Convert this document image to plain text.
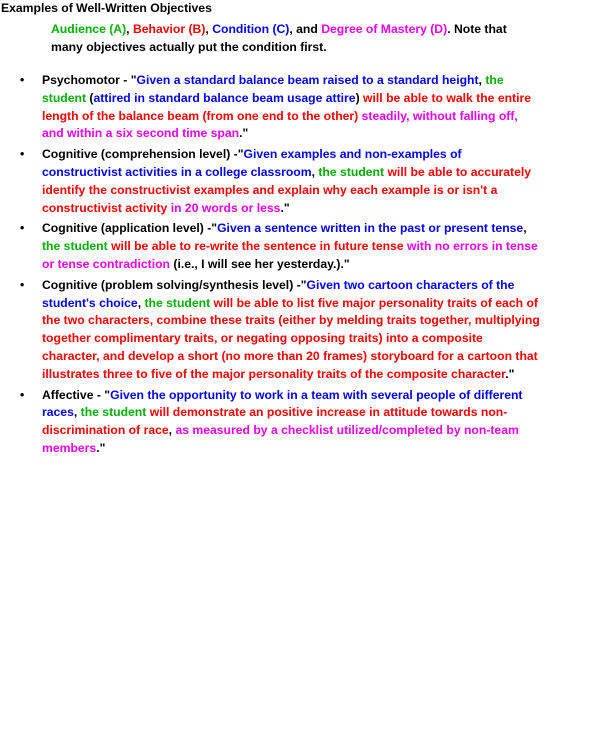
Examples of Well-Written Objectives
Audience (A), Behavior (B), Condition (C), and Degree of Mastery (D). Note that many objectives actually put the condition first.
• Psychomotor - "Given a standard balance beam raised to a standard height, the student (attired in standard balance beam usage attire) will be able to walk the entire length of the balance beam (from one end to the other) steadily, without falling off, and within a six second time span."
• Cognitive (comprehension level) -"Given examples and non-examples of constructivist activities in a college classroom, the student will be able to accurately identify the constructivist examples and explain why each example is or isn't a constructivist activity in 20 words or less."
• Cognitive (application level) -"Given a sentence written in the past or present tense, the student will be able to re-write the sentence in future tense with no errors in tense or tense contradiction (i.e., I will see her yesterday.)."
• Cognitive (problem solving/synthesis level) -"Given two cartoon characters of the student's choice, the student will be able to list five major personality traits of each of the two characters, combine these traits (either by melding traits together, multiplying together complimentary traits, or negating opposing traits) into a composite character, and develop a short (no more than 20 frames) storyboard for a cartoon that illustrates three to five of the major personality traits of the composite character."
• Affective - "Given the opportunity to work in a team with several people of different races, the student will demonstrate an positive increase in attitude towards non-discrimination of race, as measured by a checklist utilized/completed by non-team members."
